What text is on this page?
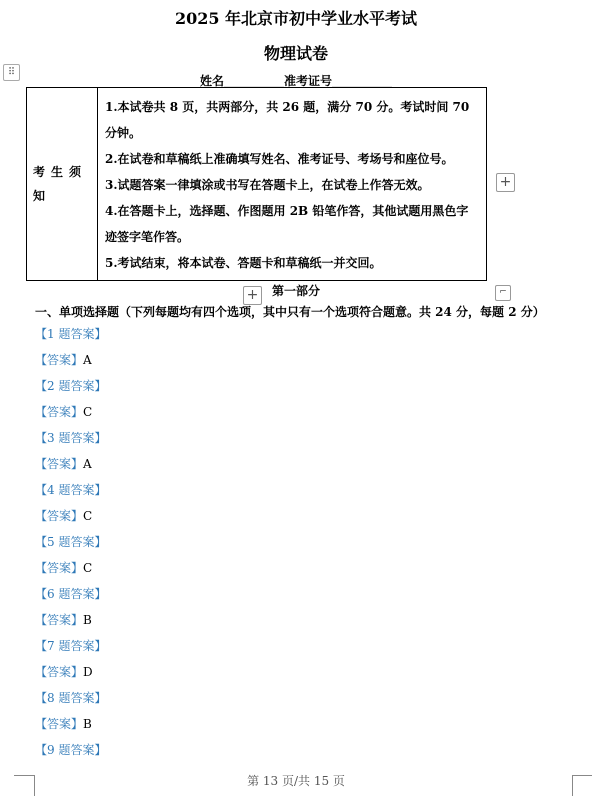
2025 年北京市初中学业水平考试
物理试卷
⠿
姓名__________准考证号__________
考生须知	

1.本试卷共 8 页，共两部分，共 26 题，满分 70 分。考试时间 70 分钟。

2.在试卷和草稿纸上准确填写姓名、准考证号、考场号和座位号。

3.试题答案一律填涂或书写在答题卡上，在试卷上作答无效。

4.在答题卡上，选择题、作图题用 2B 铅笔作答，其他试题用黑色字迹签字笔作答。

5.考试结束，将本试卷、答题卡和草稿纸一并交回。

+
+	⌐
第一部分
一、单项选择题（下列每题均有四个选项，其中只有一个选项符合题意。共 24 分，每题 2 分）
【1 题答案】
【答案】A
【2 题答案】
【答案】C
【3 题答案】
【答案】A
【4 题答案】
【答案】C
【5 题答案】
【答案】C
【6 题答案】
【答案】B
【7 题答案】
【答案】D
【8 题答案】
【答案】B
【9 题答案】
第 13 页/共 15 页
